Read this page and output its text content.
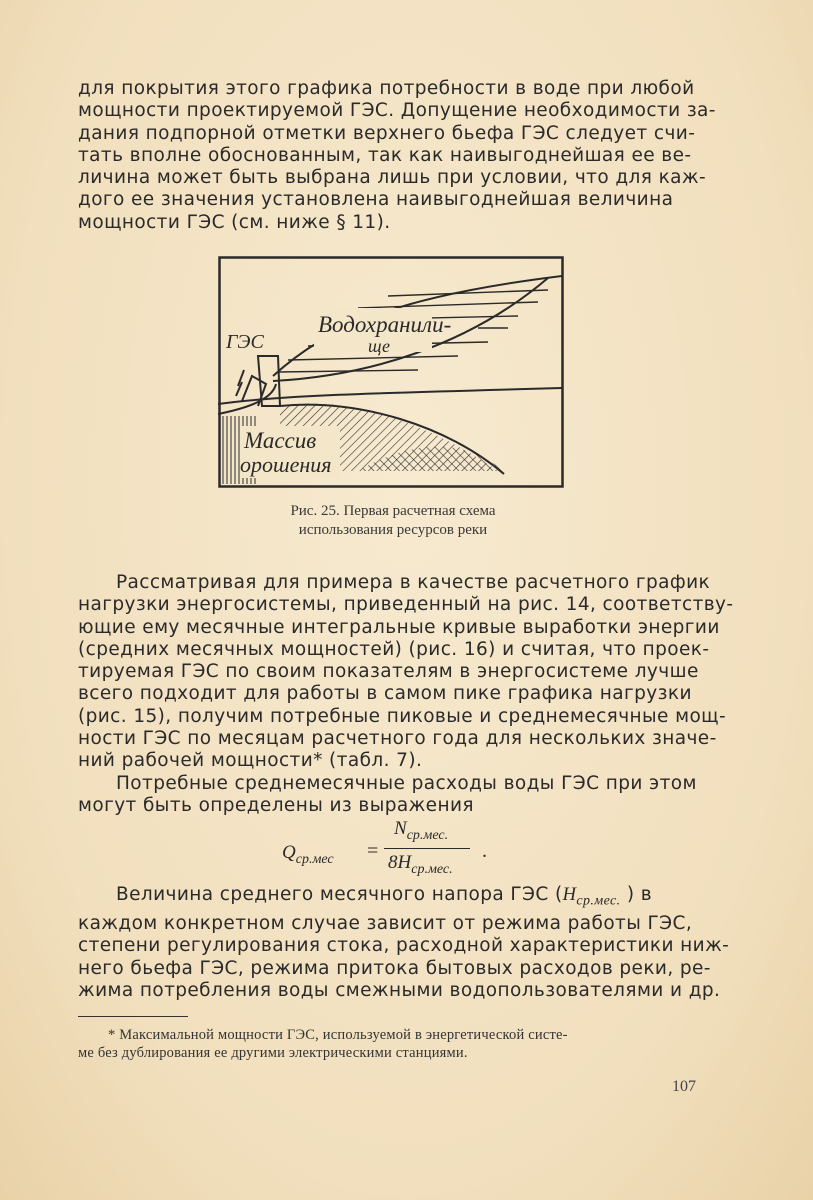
для покрытия этого графика потребности в воде при любой
мощности проектируемой ГЭС. Допущение необходимости за-
дания подпорной отметки верхнего бьефа ГЭС следует счи-
тать вполне обоснованным, так как наивыгоднейшая ее ве-
личина может быть выбрана лишь при условии, что для каж-
дого ее значения установлена наивыгоднейшая величина
мощности ГЭС (см. ниже § 11).

Водохранили-
ще
ГЭС
Массив
орошения
Рис. 25. Первая расчетная схема
использования ресурсов реки

Рассматривая для примера в качестве расчетного график
нагрузки энергосистемы, приведенный на рис. 14, соответству-
ющие ему месячные интегральные кривые выработки энергии
(средних месячных мощностей) (рис. 16) и считая, что проек-
тируемая ГЭС по своим показателям в энергосистеме лучше
всего подходит для работы в самом пике графика нагрузки
(рис. 15), получим потребные пиковые и среднемесячные мощ-
ности ГЭС по месяцам расчетного года для нескольких значе-
ний рабочей мощности* (табл. 7).

Потребные среднемесячные расходы воды ГЭС при этом
могут быть определены из выражения

$Q_{ср.мес}$ =
$N_{ср.мес.}$
$8H_{ср.мес.}$
.

Величина среднего месячного напора ГЭС ($H_{ср.мес.}$ ) в
каждом конкретном случае зависит от режима работы ГЭС,
степени регулирования стока, расходной характеристики ниж-
него бьефа ГЭС, режима притока бытовых расходов реки, ре-
жима потребления воды смежными водопользователями и др.

* Максимальной мощности ГЭС, используемой в энергетической систе-
ме без дублирования ее другими электрическими станциями.
107
